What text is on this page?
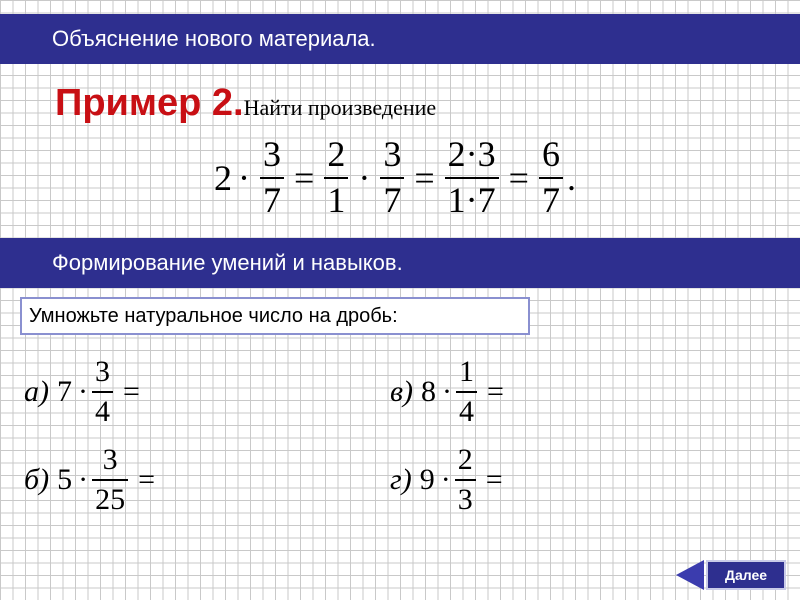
Объяснение нового материала.
Пример 2. Найти произведение
$2 \cdot \frac{3}{7} = \frac{2}{1} \cdot \frac{3}{7} = \frac{2\cdot 3}{1\cdot 7} = \frac{6}{7}$ .
Формирование умений и навыков.
Умножьте натуральное число на дробь:
а) $7 \cdot \frac{3}{4}$ =
б) $5 \cdot \frac{3}{25}$ =
в) $8 \cdot \frac{1}{4}$ =
г) $9 \cdot \frac{2}{3}$ =
Далее
